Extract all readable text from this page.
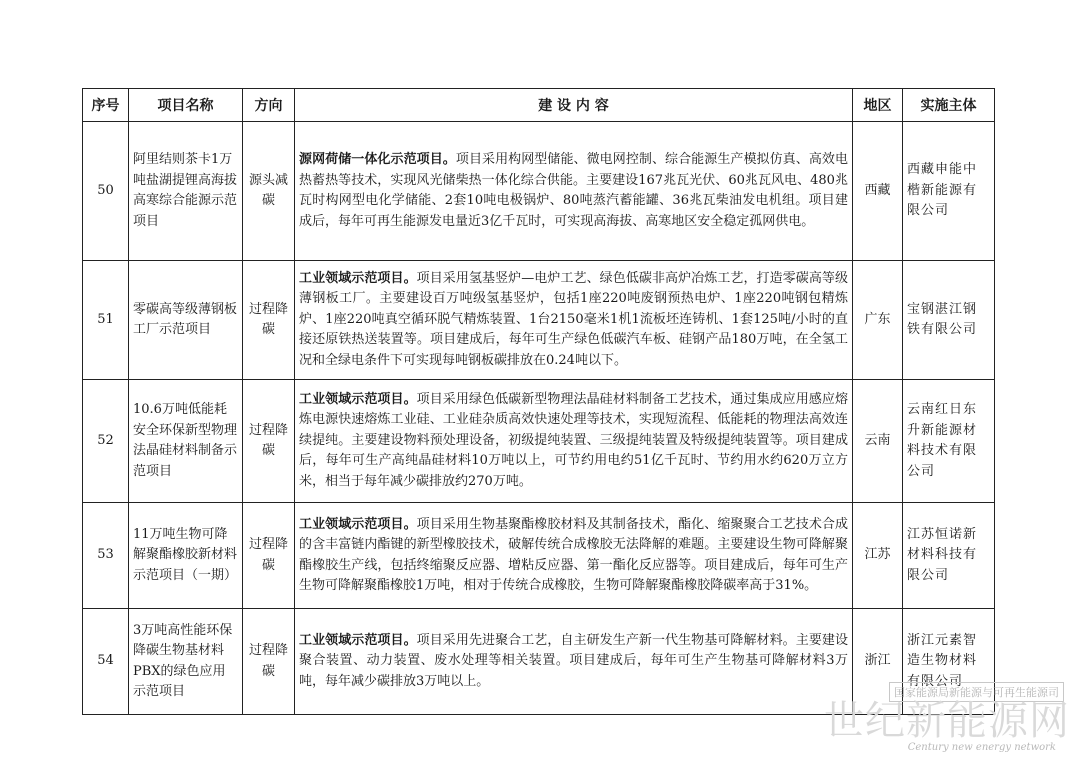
序号	项目名称	方向	建 设 内 容	地区	实施主体
50	阿里结则茶卡1万吨盐湖提锂高海拔高寒综合能源示范项目	源头减碳	源网荷储一体化示范项目。项目采用构网型储能、微电网控制、综合能源生产模拟仿真、高效电热蓄热等技术，实现风光储柴热一体化综合供能。主要建设167兆瓦光伏、60兆瓦风电、480兆瓦时构网型电化学储能、2套10吨电极锅炉、80吨蒸汽蓄能罐、36兆瓦柴油发电机组。项目建成后，每年可再生能源发电量近3亿千瓦时，可实现高海拔、高寒地区安全稳定孤网供电。	西藏	西藏申能中楷新能源有限公司
51	零碳高等级薄钢板工厂示范项目	过程降碳	工业领域示范项目。项目采用氢基竖炉—电炉工艺、绿色低碳非高炉冶炼工艺，打造零碳高等级薄钢板工厂。主要建设百万吨级氢基竖炉，包括1座220吨废钢预热电炉、1座220吨钢包精炼炉、1座220吨真空循环脱气精炼装置、1台2150毫米1机1流板坯连铸机、1套125吨/小时的直接还原铁热送装置等。项目建成后，每年可生产绿色低碳汽车板、硅钢产品180万吨，在全氢工况和全绿电条件下可实现每吨钢板碳排放在0.24吨以下。	广东	宝钢湛江钢铁有限公司
52	10.6万吨低能耗安全环保新型物理法晶硅材料制备示范项目	过程降碳	工业领域示范项目。项目采用绿色低碳新型物理法晶硅材料制备工艺技术，通过集成应用感应熔炼电源快速熔炼工业硅、工业硅杂质高效快速处理等技术，实现短流程、低能耗的物理法高效连续提纯。主要建设物料预处理设备，初级提纯装置、三级提纯装置及特级提纯装置等。项目建成后，每年可生产高纯晶硅材料10万吨以上，可节约用电约51亿千瓦时、节约用水约620万立方米，相当于每年减少碳排放约270万吨。	云南	云南红日东升新能源材料技术有限公司
53	11万吨生物可降解聚酯橡胶新材料示范项目（一期）	过程降碳	工业领域示范项目。项目采用生物基聚酯橡胶材料及其制备技术，酯化、缩聚聚合工艺技术合成的含丰富链内酯键的新型橡胶技术，破解传统合成橡胶无法降解的难题。主要建设生物可降解聚酯橡胶生产线，包括终缩聚反应器、增粘反应器、第一酯化反应器等。项目建成后，每年可生产生物可降解聚酯橡胶1万吨，相对于传统合成橡胶，生物可降解聚酯橡胶降碳率高于31%。	江苏	江苏恒诺新材料科技有限公司
54	3万吨高性能环保降碳生物基材料PBX的绿色应用示范项目	过程降碳	工业领域示范项目。项目采用先进聚合工艺，自主研发生产新一代生物基可降解材料。主要建设聚合装置、动力装置、废水处理等相关装置。项目建成后，每年可生产生物基可降解材料3万吨，每年减少碳排放3万吨以上。	浙江	浙江元素智造生物材料有限公司
国家能源局新能源与可再生能源司
世纪新能源网
Century new energy network
